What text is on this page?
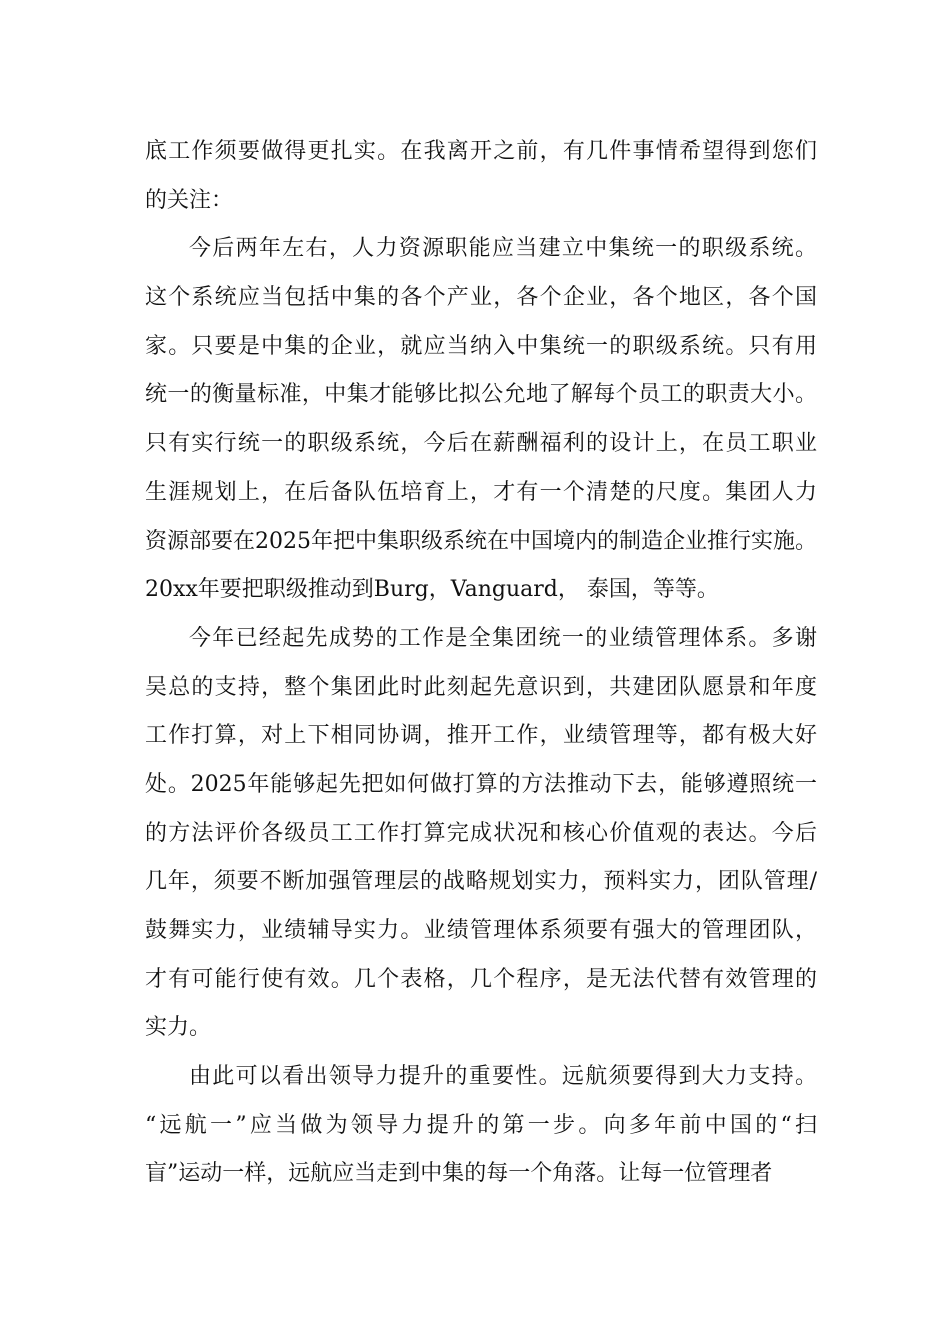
底工作须要做得更扎实。在我离开之前，有几件事情希望得到您们
的关注：
今后两年左右，人力资源职能应当建立中集统一的职级系统。
这个系统应当包括中集的各个产业，各个企业，各个地区，各个国
家。只要是中集的企业，就应当纳入中集统一的职级系统。只有用
统一的衡量标准，中集才能够比拟公允地了解每个员工的职责大小。
只有实行统一的职级系统，今后在薪酬福利的设计上，在员工职业
生涯规划上，在后备队伍培育上，才有一个清楚的尺度。集团人力
资源部要在2025年把中集职级系统在中国境内的制造企业推行实施。
20xx年要把职级推动到Burg，Vanguard， 泰国，等等。
今年已经起先成势的工作是全集团统一的业绩管理体系。多谢
吴总的支持，整个集团此时此刻起先意识到，共建团队愿景和年度
工作打算，对上下相同协调，推开工作，业绩管理等，都有极大好
处。2025年能够起先把如何做打算的方法推动下去，能够遵照统一
的方法评价各级员工工作打算完成状况和核心价值观的表达。今后
几年，须要不断加强管理层的战略规划实力，预料实力，团队管理/
鼓舞实力，业绩辅导实力。业绩管理体系须要有强大的管理团队，
才有可能行使有效。几个表格，几个程序，是无法代替有效管理的
实力。
由此可以看出领导力提升的重要性。远航须要得到大力支持。
“远航一”应当做为领导力提升的第一步。向多年前中国的“扫
盲”运动一样，远航应当走到中集的每一个角落。让每一位管理者
